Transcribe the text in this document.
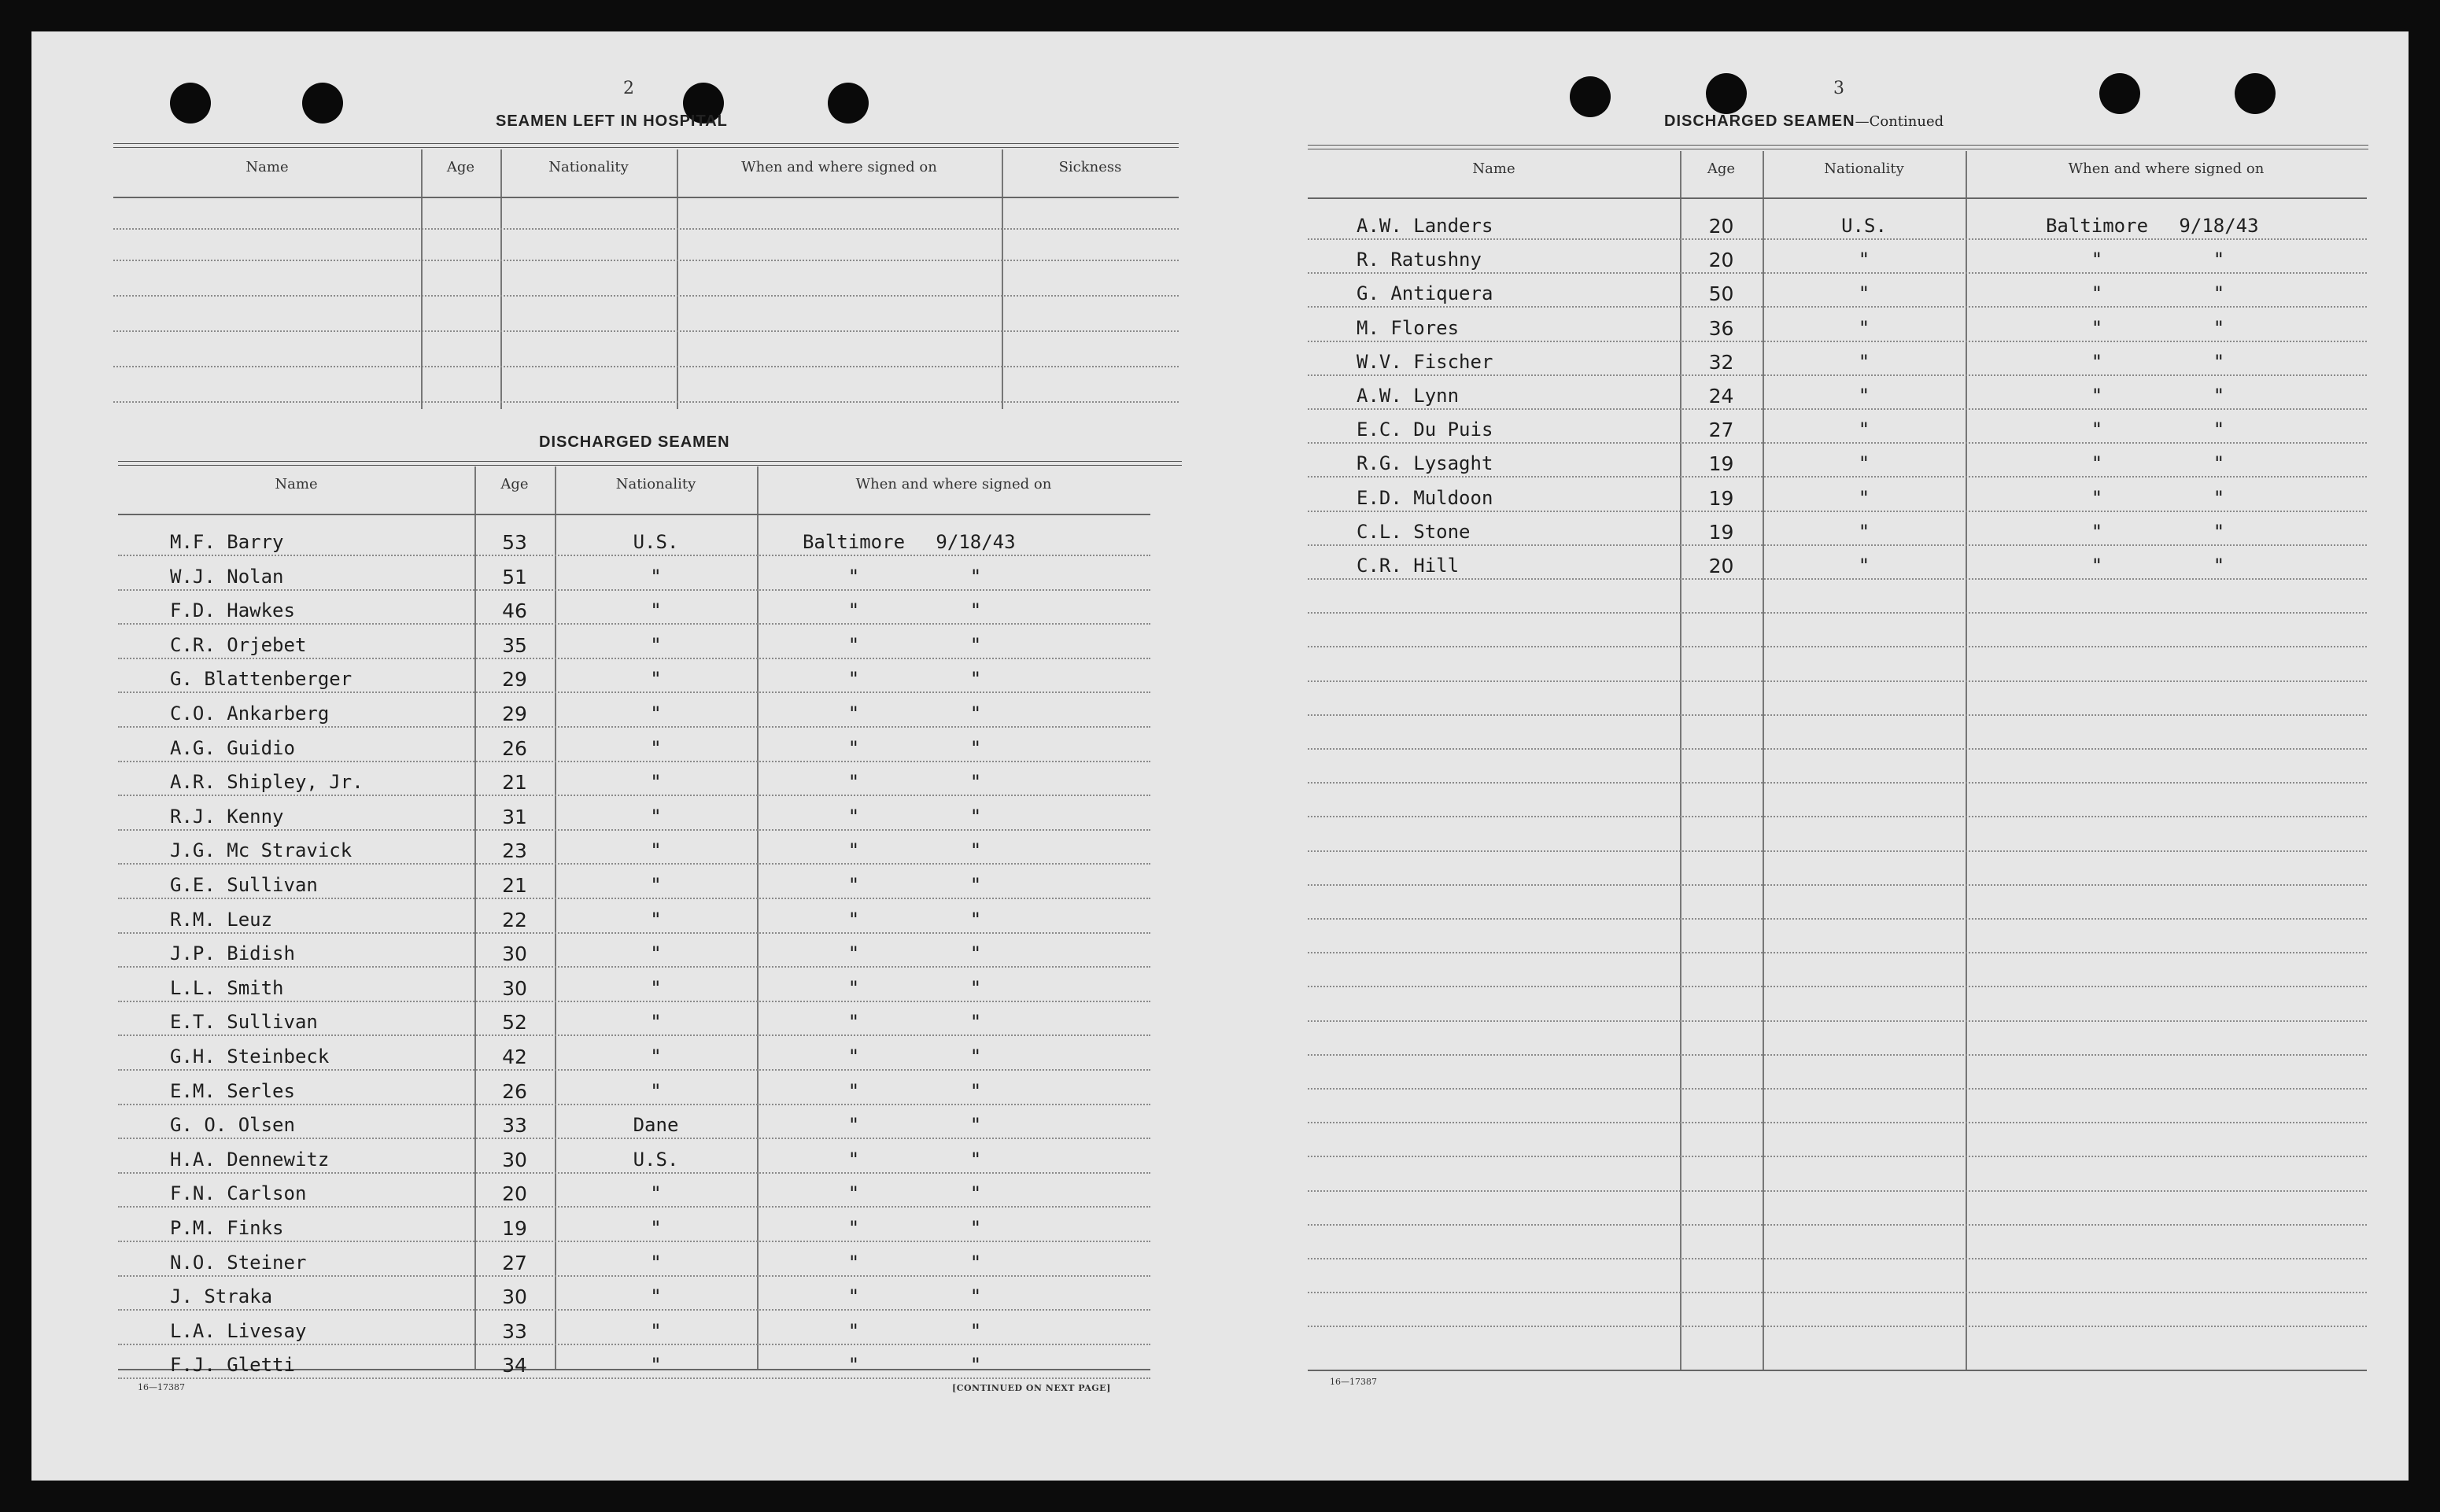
2
SEAMEN LEFT IN HOSPITAL
Name	Age	Nationality	When and where signed on	Sickness
DISCHARGED SEAMEN
Name	Age	Nationality	When and where signed on
M.F. Barry	53	U.S.	Baltimore	9/18/43
W.J. Nolan	51	"	"	"
F.D. Hawkes	46	"	"	"
C.R. Orjebet	35	"	"	"
G. Blattenberger	29	"	"	"
C.O. Ankarberg	29	"	"	"
A.G. Guidio	26	"	"	"
A.R. Shipley, Jr.	21	"	"	"
R.J. Kenny	31	"	"	"
J.G. Mc Stravick	23	"	"	"
G.E. Sullivan	21	"	"	"
R.M. Leuz	22	"	"	"
J.P. Bidish	30	"	"	"
L.L. Smith	30	"	"	"
E.T. Sullivan	52	"	"	"
G.H. Steinbeck	42	"	"	"
E.M. Serles	26	"	"	"
G. O. Olsen	33	Dane	"	"
H.A. Dennewitz	30	U.S.	"	"
F.N. Carlson	20	"	"	"
P.M. Finks	19	"	"	"
N.O. Steiner	27	"	"	"
J. Straka	30	"	"	"
L.A. Livesay	33	"	"	"
F.J. Gletti	34	"	"	"
16—17387	[CONTINUED ON NEXT PAGE]
3
DISCHARGED SEAMEN—Continued
Name	Age	Nationality	When and where signed on
A.W. Landers	20	U.S.	Baltimore	9/18/43
R. Ratushny	20	"	"	"
G. Antiquera	50	"	"	"
M. Flores	36	"	"	"
W.V. Fischer	32	"	"	"
A.W. Lynn	24	"	"	"
E.C. Du Puis	27	"	"	"
R.G. Lysaght	19	"	"	"
E.D. Muldoon	19	"	"	"
C.L. Stone	19	"	"	"
C.R. Hill	20	"	"	"
16—17387
